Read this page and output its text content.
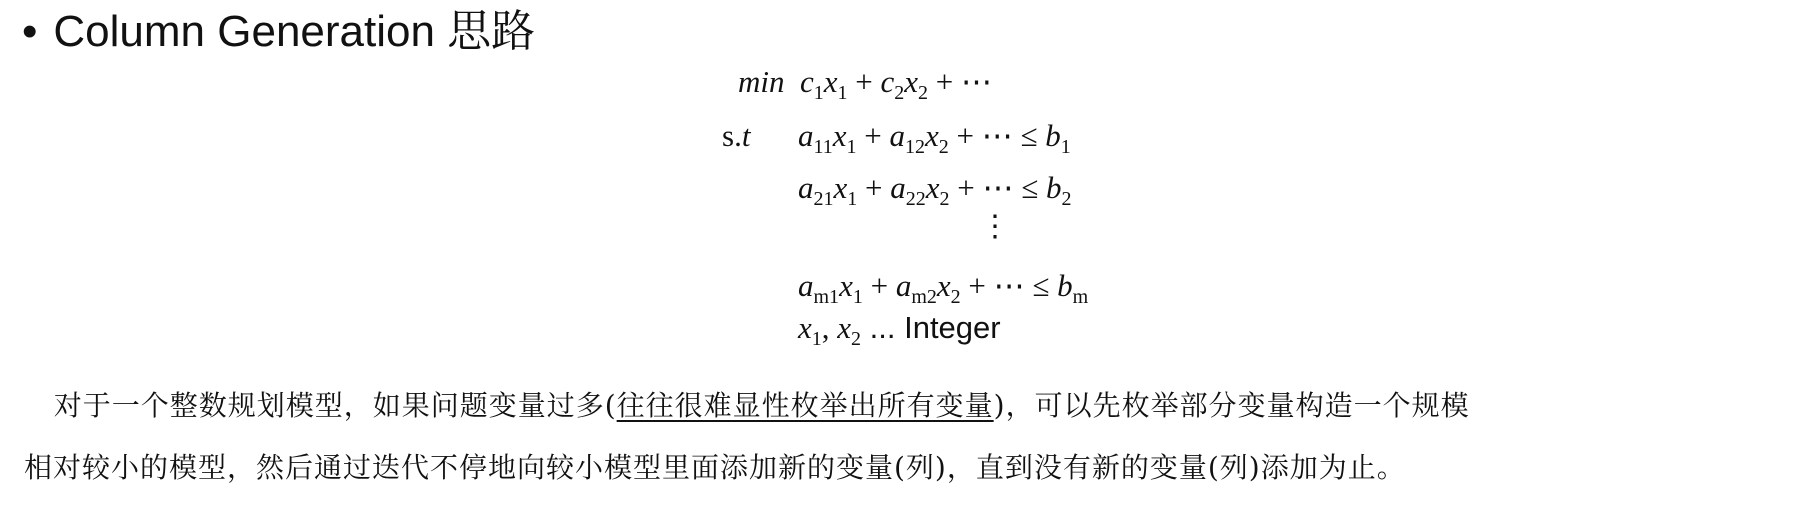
• Column Generation 思路
$\min c_1x_1 + c_2x_2$ + ⋯
s.t $a_{11}x_1 + a_{12}x_2$ + ⋯ ≤ $b_1$
$a_{21}x_1 + a_{22}x_2$ + ⋯ ≤ $b_2$
⋮
$a_{m1}x_1 + a_{m2}x_2$ + ⋯ ≤ $b_m$
$x_1$, $x_2$ ... Integer
对于一个整数规划模型，如果问题变量过多(往往很难显性枚举出所有变量)，可以先枚举部分变量构造一个规模
相对较小的模型，然后通过迭代不停地向较小模型里面添加新的变量(列)，直到没有新的变量(列)添加为止。
